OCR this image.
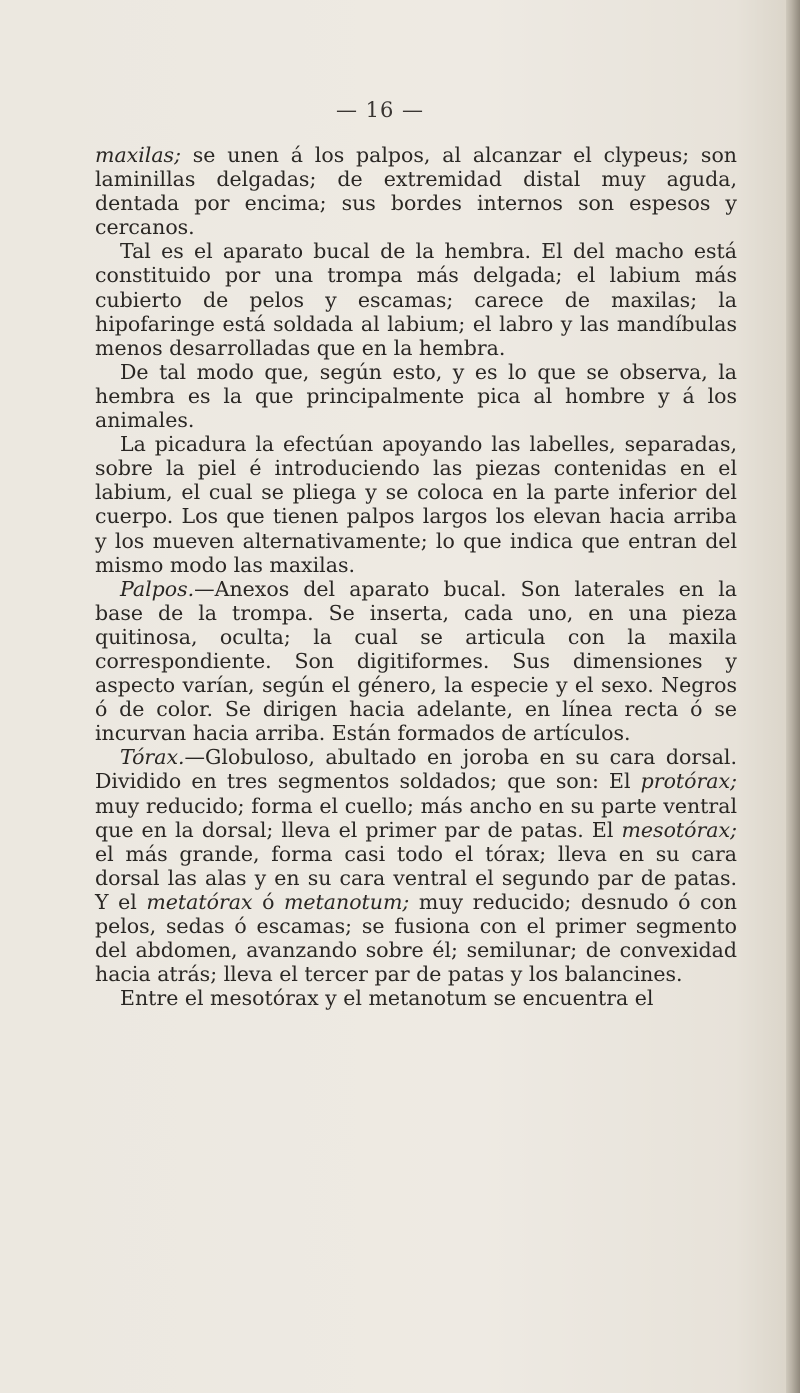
— 16 —

maxilas; se unen á los palpos, al alcanzar el clypeus; son laminillas delgadas; de extremidad distal muy aguda, dentada por encima; sus bordes internos son espesos y cercanos.

Tal es el aparato bucal de la hembra. El del macho está constituido por una trompa más delgada; el labium más cubierto de pelos y escamas; carece de maxilas; la hipofaringe está soldada al labium; el labro y las mandíbulas menos desarrolladas que en la hembra.

De tal modo que, según esto, y es lo que se observa, la hembra es la que principalmente pica al hombre y á los animales.

La picadura la efectúan apoyando las labelles, separadas, sobre la piel é introduciendo las piezas contenidas en el labium, el cual se pliega y se coloca en la parte inferior del cuerpo. Los que tienen palpos largos los elevan hacia arriba y los mueven alternativamente; lo que indica que entran del mismo modo las maxilas.

Palpos.—Anexos del aparato bucal. Son laterales en la base de la trompa. Se inserta, cada uno, en una pieza quitinosa, oculta; la cual se articula con la maxila correspondiente. Son digitiformes. Sus dimensiones y aspecto varían, según el género, la especie y el sexo. Negros ó de color. Se dirigen hacia adelante, en línea recta ó se incurvan hacia arriba. Están formados de artículos.

Tórax.—Globuloso, abultado en joroba en su cara dorsal. Dividido en tres segmentos soldados; que son: El protórax; muy reducido; forma el cuello; más ancho en su parte ventral que en la dorsal; lleva el primer par de patas. El mesotórax; el más grande, forma casi todo el tórax; lleva en su cara dorsal las alas y en su cara ventral el segundo par de patas. Y el metatórax ó metanotum; muy reducido; desnudo ó con pelos, sedas ó escamas; se fusiona con el primer segmento del abdomen, avanzando sobre él; semilunar; de convexidad hacia atrás; lleva el tercer par de patas y los balancines.

Entre el mesotórax y el metanotum se encuentra el
